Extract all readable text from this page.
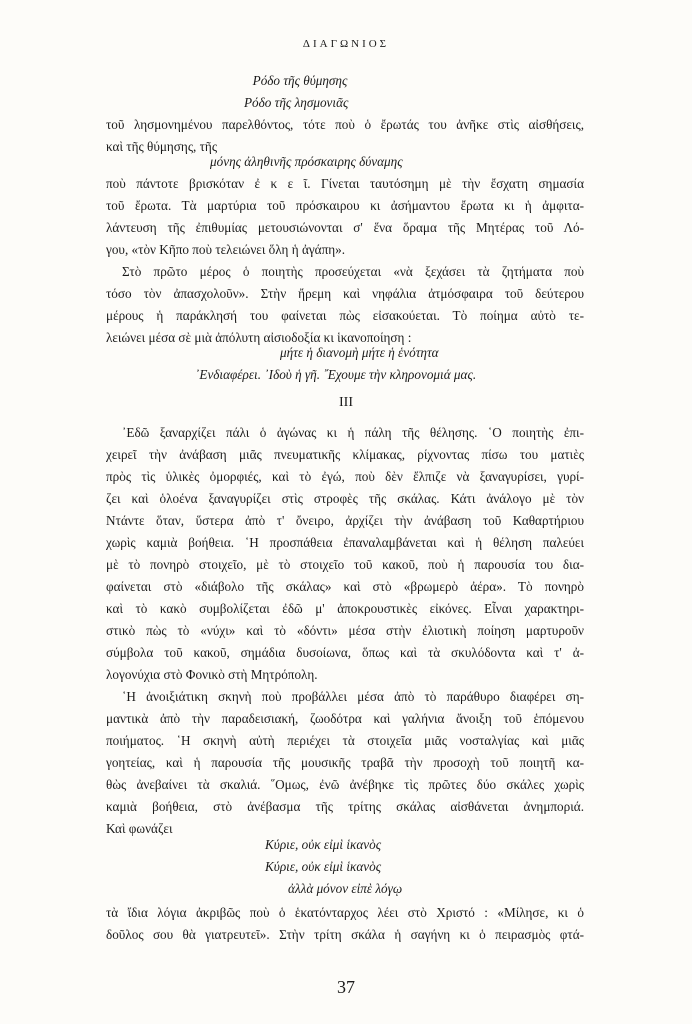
ΔΙΑΓΩΝΙΟΣ
Ρόδο τῆς θύμησης
Ρόδο τῆς λησμονιᾶς
τοῦ λησμονημένου παρελθόντος, τότε ποὺ ὁ ἔρωτάς του ἀνῆκε στὶς αἰσθήσεις,
καὶ τῆς θύμησης, τῆς
μόνης ἀληθινῆς πρόσκαιρης δύναμης
ποὺ πάντοτε βρισκόταν ἐ κ ε ῖ. Γίνεται ταυτόσημη μὲ τὴν ἔσχατη σημασία
τοῦ ἔρωτα. Τὰ μαρτύρια τοῦ πρόσκαιρου κι ἀσήμαντου ἔρωτα κι ἡ ἀμφιτα-
λάντευση τῆς ἐπιθυμίας μετουσιώνονται σ' ἕνα ὅραμα τῆς Μητέρας τοῦ Λό-
γου, «τὸν Κῆπο ποὺ τελειώνει ὅλη ἡ ἀγάπη».
Στὸ πρῶτο μέρος ὁ ποιητὴς προσεύχεται «νὰ ξεχάσει τὰ ζητήματα ποὺ
τόσο τὸν ἀπασχολοῦν». Στὴν ἤρεμη καὶ νηφάλια ἀτμόσφαιρα τοῦ δεύτερου
μέρους ἡ παράκλησή του φαίνεται πὼς εἰσακούεται. Τὸ ποίημα αὐτὸ τε-
λειώνει μέσα σὲ μιὰ ἀπόλυτη αἰσιοδοξία κι ἱκανοποίηση :
μήτε ἡ διανομὴ μήτε ἡ ἑνότητα
᾿Ενδιαφέρει. ᾿Ιδοὺ ἡ γῆ. ῎Εχουμε τὴν κληρονομιά μας.
III
᾿Εδῶ ξαναρχίζει πάλι ὁ ἀγώνας κι ἡ πάλη τῆς θέλησης. ῾Ο ποιητὴς ἐπι-
χειρεῖ τὴν ἀνάβαση μιᾶς πνευματικῆς κλίμακας, ρίχνοντας πίσω του ματιὲς
πρὸς τὶς ὑλικὲς ὀμορφιές, καὶ τὸ ἐγώ, ποὺ δὲν ἔλπιζε νὰ ξαναγυρίσει, γυρί-
ζει καὶ ὁλοένα ξαναγυρίζει στὶς στροφὲς τῆς σκάλας. Κάτι ἀνάλογο μὲ τὸν
Ντάντε ὅταν, ὕστερα ἀπὸ τ' ὄνειρο, ἀρχίζει τὴν ἀνάβαση τοῦ Καθαρτήριου
χωρὶς καμιὰ βοήθεια. ῾Η προσπάθεια ἐπαναλαμβάνεται καὶ ἡ θέληση παλεύει
μὲ τὸ πονηρὸ στοιχεῖο, μὲ τὸ στοιχεῖο τοῦ κακοῦ, ποὺ ἡ παρουσία του δια-
φαίνεται στὸ «διάβολο τῆς σκάλας» καὶ στὸ «βρωμερὸ ἀέρα». Τὸ πονηρὸ
καὶ τὸ κακὸ συμβολίζεται ἐδῶ μ' ἀποκρουστικὲς εἰκόνες. Εἶναι χαρακτηρι-
στικὸ πὼς τὸ «νύχι» καὶ τὸ «δόντι» μέσα στὴν ἐλιοτικὴ ποίηση μαρτυροῦν
σύμβολα τοῦ κακοῦ, σημάδια δυσοίωνα, ὅπως καὶ τὰ σκυλόδοντα καὶ τ' ἀ-
λογονύχια στὸ Φονικὸ στὴ Μητρόπολη.
῾Η ἀνοιξιάτικη σκηνὴ ποὺ προβάλλει μέσα ἀπὸ τὸ παράθυρο διαφέρει ση-
μαντικὰ ἀπὸ τὴν παραδεισιακή, ζωοδότρα καὶ γαλήνια ἄνοιξη τοῦ ἑπόμενου
ποιήματος. ῾Η σκηνὴ αὐτὴ περιέχει τὰ στοιχεῖα μιᾶς νοσταλγίας καὶ μιᾶς
γοητείας, καὶ ἡ παρουσία τῆς μουσικῆς τραβᾶ τὴν προσοχὴ τοῦ ποιητῆ κα-
θὼς ἀνεβαίνει τὰ σκαλιά. ῞Ομως, ἐνῶ ἀνέβηκε τὶς πρῶτες δύο σκάλες χωρὶς
καμιὰ βοήθεια, στὸ ἀνέβασμα τῆς τρίτης σκάλας αἰσθάνεται ἀνημποριά.
Καὶ φωνάζει
Κύριε, οὐκ εἰμὶ ἱκανὸς
Κύριε, οὐκ εἰμὶ ἱκανὸς
ἀλλὰ μόνον εἰπὲ λόγῳ
τὰ ἴδια λόγια ἀκριβῶς ποὺ ὁ ἑκατόνταρχος λέει στὸ Χριστό : «Μίλησε, κι ὁ
δοῦλος σου θὰ γιατρευτεῖ». Στὴν τρίτη σκάλα ἡ σαγήνη κι ὁ πειρασμὸς φτά-
37
